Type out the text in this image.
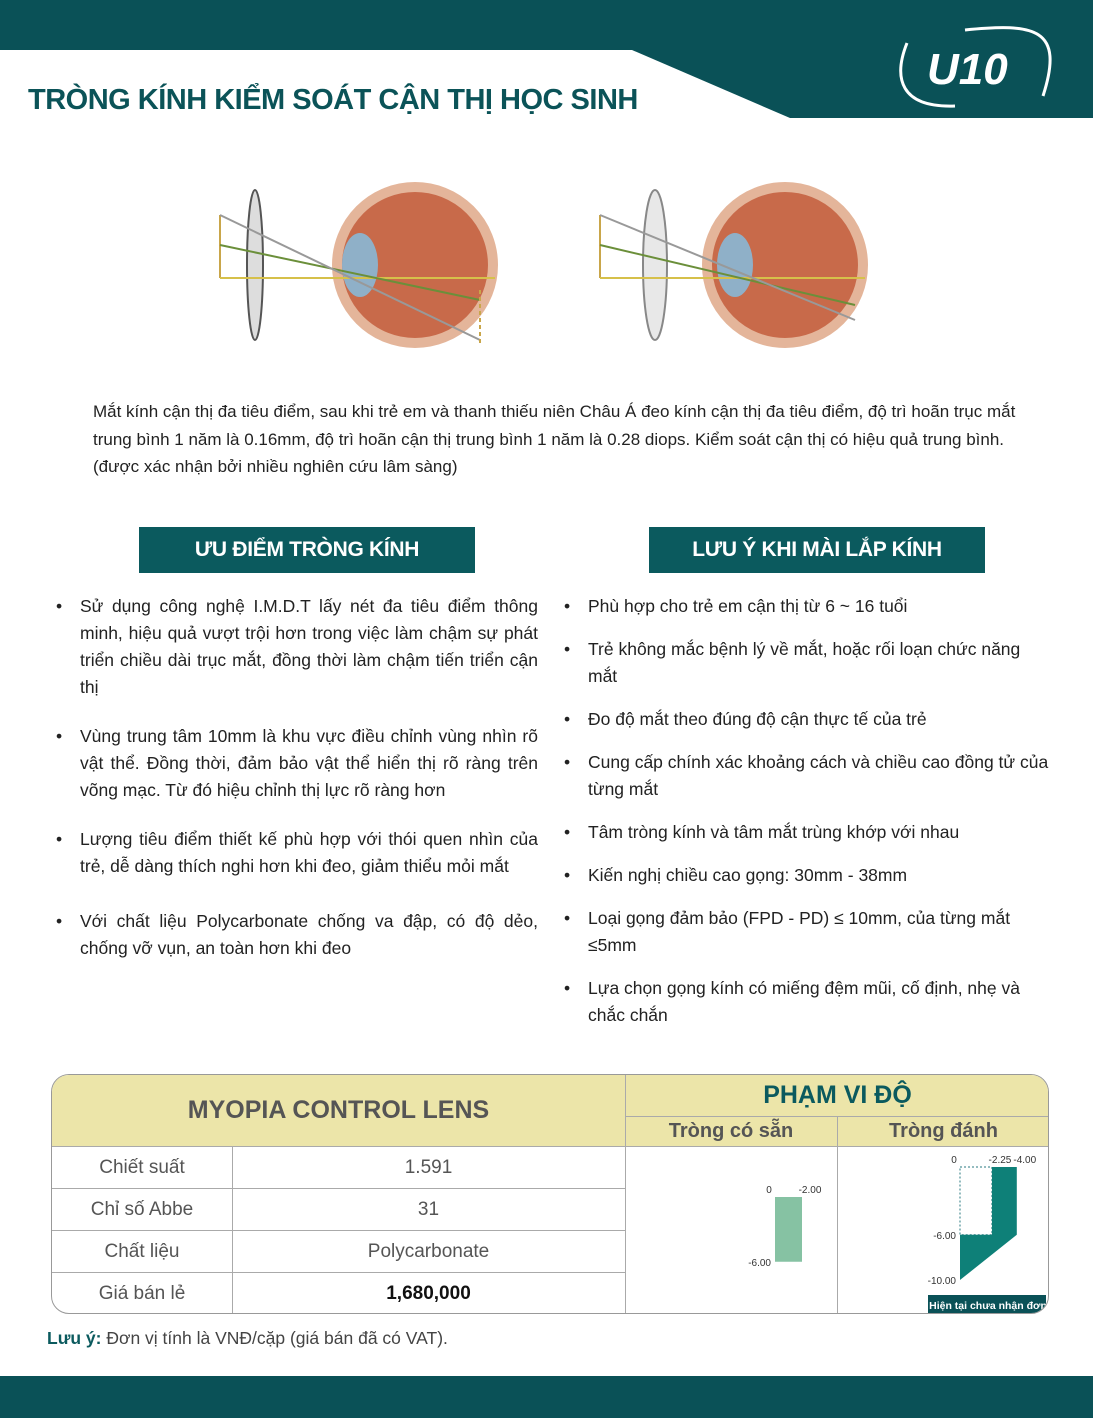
TRÒNG KÍNH KIỂM SOÁT CẬN THỊ HỌC SINH
U10

Mắt kính cận thị đa tiêu điểm, sau khi trẻ em và thanh thiếu niên Châu Á đeo kính cận thị đa tiêu điểm, độ trì hoãn trục mắt trung bình 1 năm là 0.16mm, độ trì hoãn cận thị trung bình 1 năm là 0.28 diops. Kiểm soát cận thị có hiệu quả trung bình. (được xác nhận bởi nhiều nghiên cứu lâm sàng)

ƯU ĐIỂM TRÒNG KÍNH	LƯU Ý KHI MÀI LẮP KÍNH
• Sử dụng công nghệ I.M.D.T lấy nét đa tiêu điểm thông minh, hiệu quả vượt trội hơn trong việc làm chậm sự phát triển chiều dài trục mắt, đồng thời làm chậm tiến triển cận thị
• Vùng trung tâm 10mm là khu vực điều chỉnh vùng nhìn rõ vật thể. Đồng thời, đảm bảo vật thể hiển thị rõ ràng trên võng mạc. Từ đó hiệu chỉnh thị lực rõ ràng hơn
• Lượng tiêu điểm thiết kế phù hợp với thói quen nhìn của trẻ, dễ dàng thích nghi hơn khi đeo, giảm thiểu mỏi mắt
• Với chất liệu Polycarbonate chống va đập, có độ dẻo, chống vỡ vụn, an toàn hơn khi đeo
• Phù hợp cho trẻ em cận thị từ 6 ~ 16 tuổi
• Trẻ không mắc bệnh lý về mắt, hoặc rối loạn chức năng mắt
• Đo độ mắt theo đúng độ cận thực tế của trẻ
• Cung cấp chính xác khoảng cách và chiều cao đồng tử của từng mắt
• Tâm tròng kính và tâm mắt trùng khớp với nhau
• Kiến nghị chiều cao gọng: 30mm - 38mm
• Loại gọng đảm bảo (FPD - PD) ≤ 10mm, của từng mắt ≤5mm
• Lựa chọn gọng kính có miếng đệm mũi, cố định, nhẹ và chắc chắn
MYOPIA CONTROL LENS
PHẠM VI ĐỘ
Tròng có sẵn	Tròng đánh
Chiết suất	1.591
Chỉ số Abbe	31
Chất liệu	Polycarbonate
Giá bán lẻ	1,680,000
0	-2.00
-6.00
0	-2.25 -4.00
-6.00
-10.00
Hiện tại chưa nhận đơn
Lưu ý: Đơn vị tính là VNĐ/cặp (giá bán đã có VAT).
